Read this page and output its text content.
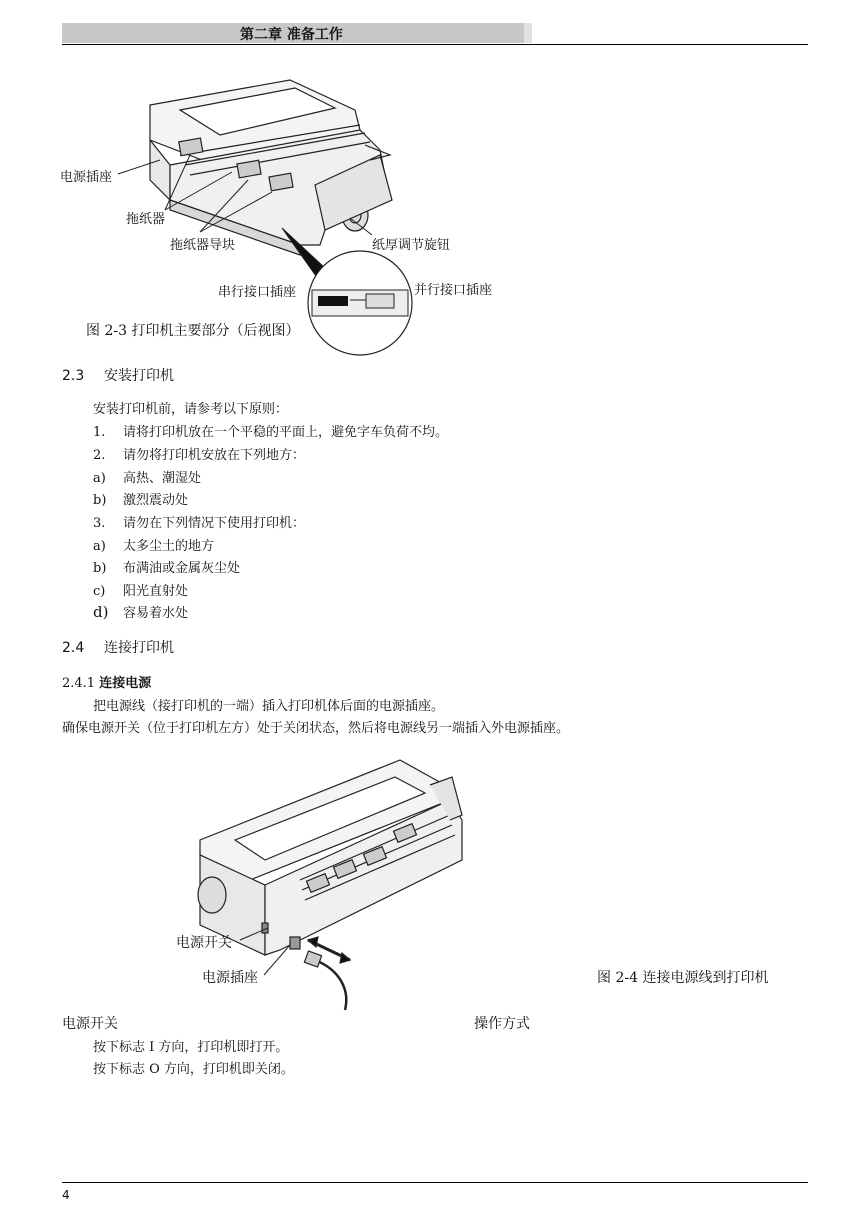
第二章 准备工作
电源插座
拖纸器
拖纸器导块	纸厚调节旋钮
串行接口插座	并行接口插座
图 2-3 打印机主要部分（后视图）
2.3 安装打印机
安装打印机前，请参考以下原则：
1. 请将打印机放在一个平稳的平面上，避免字车负荷不均。
2. 请勿将打印机安放在下列地方：
a) 高热、潮湿处
b) 激烈震动处
3. 请勿在下列情况下使用打印机：
a) 太多尘土的地方
b) 布满油或金属灰尘处
c) 阳光直射处
d) 容易着水处
2.4 连接打印机
2.4.1 连接电源
把电源线（接打印机的一端）插入打印机体后面的电源插座。
确保电源开关（位于打印机左方）处于关闭状态，然后将电源线另一端插入外电源插座。
电源开关
电源插座	图 2-4 连接电源线到打印机
电源开关	操作方式
按下标志 I 方向，打印机即打开。
按下标志 O 方向，打印机即关闭。
4
